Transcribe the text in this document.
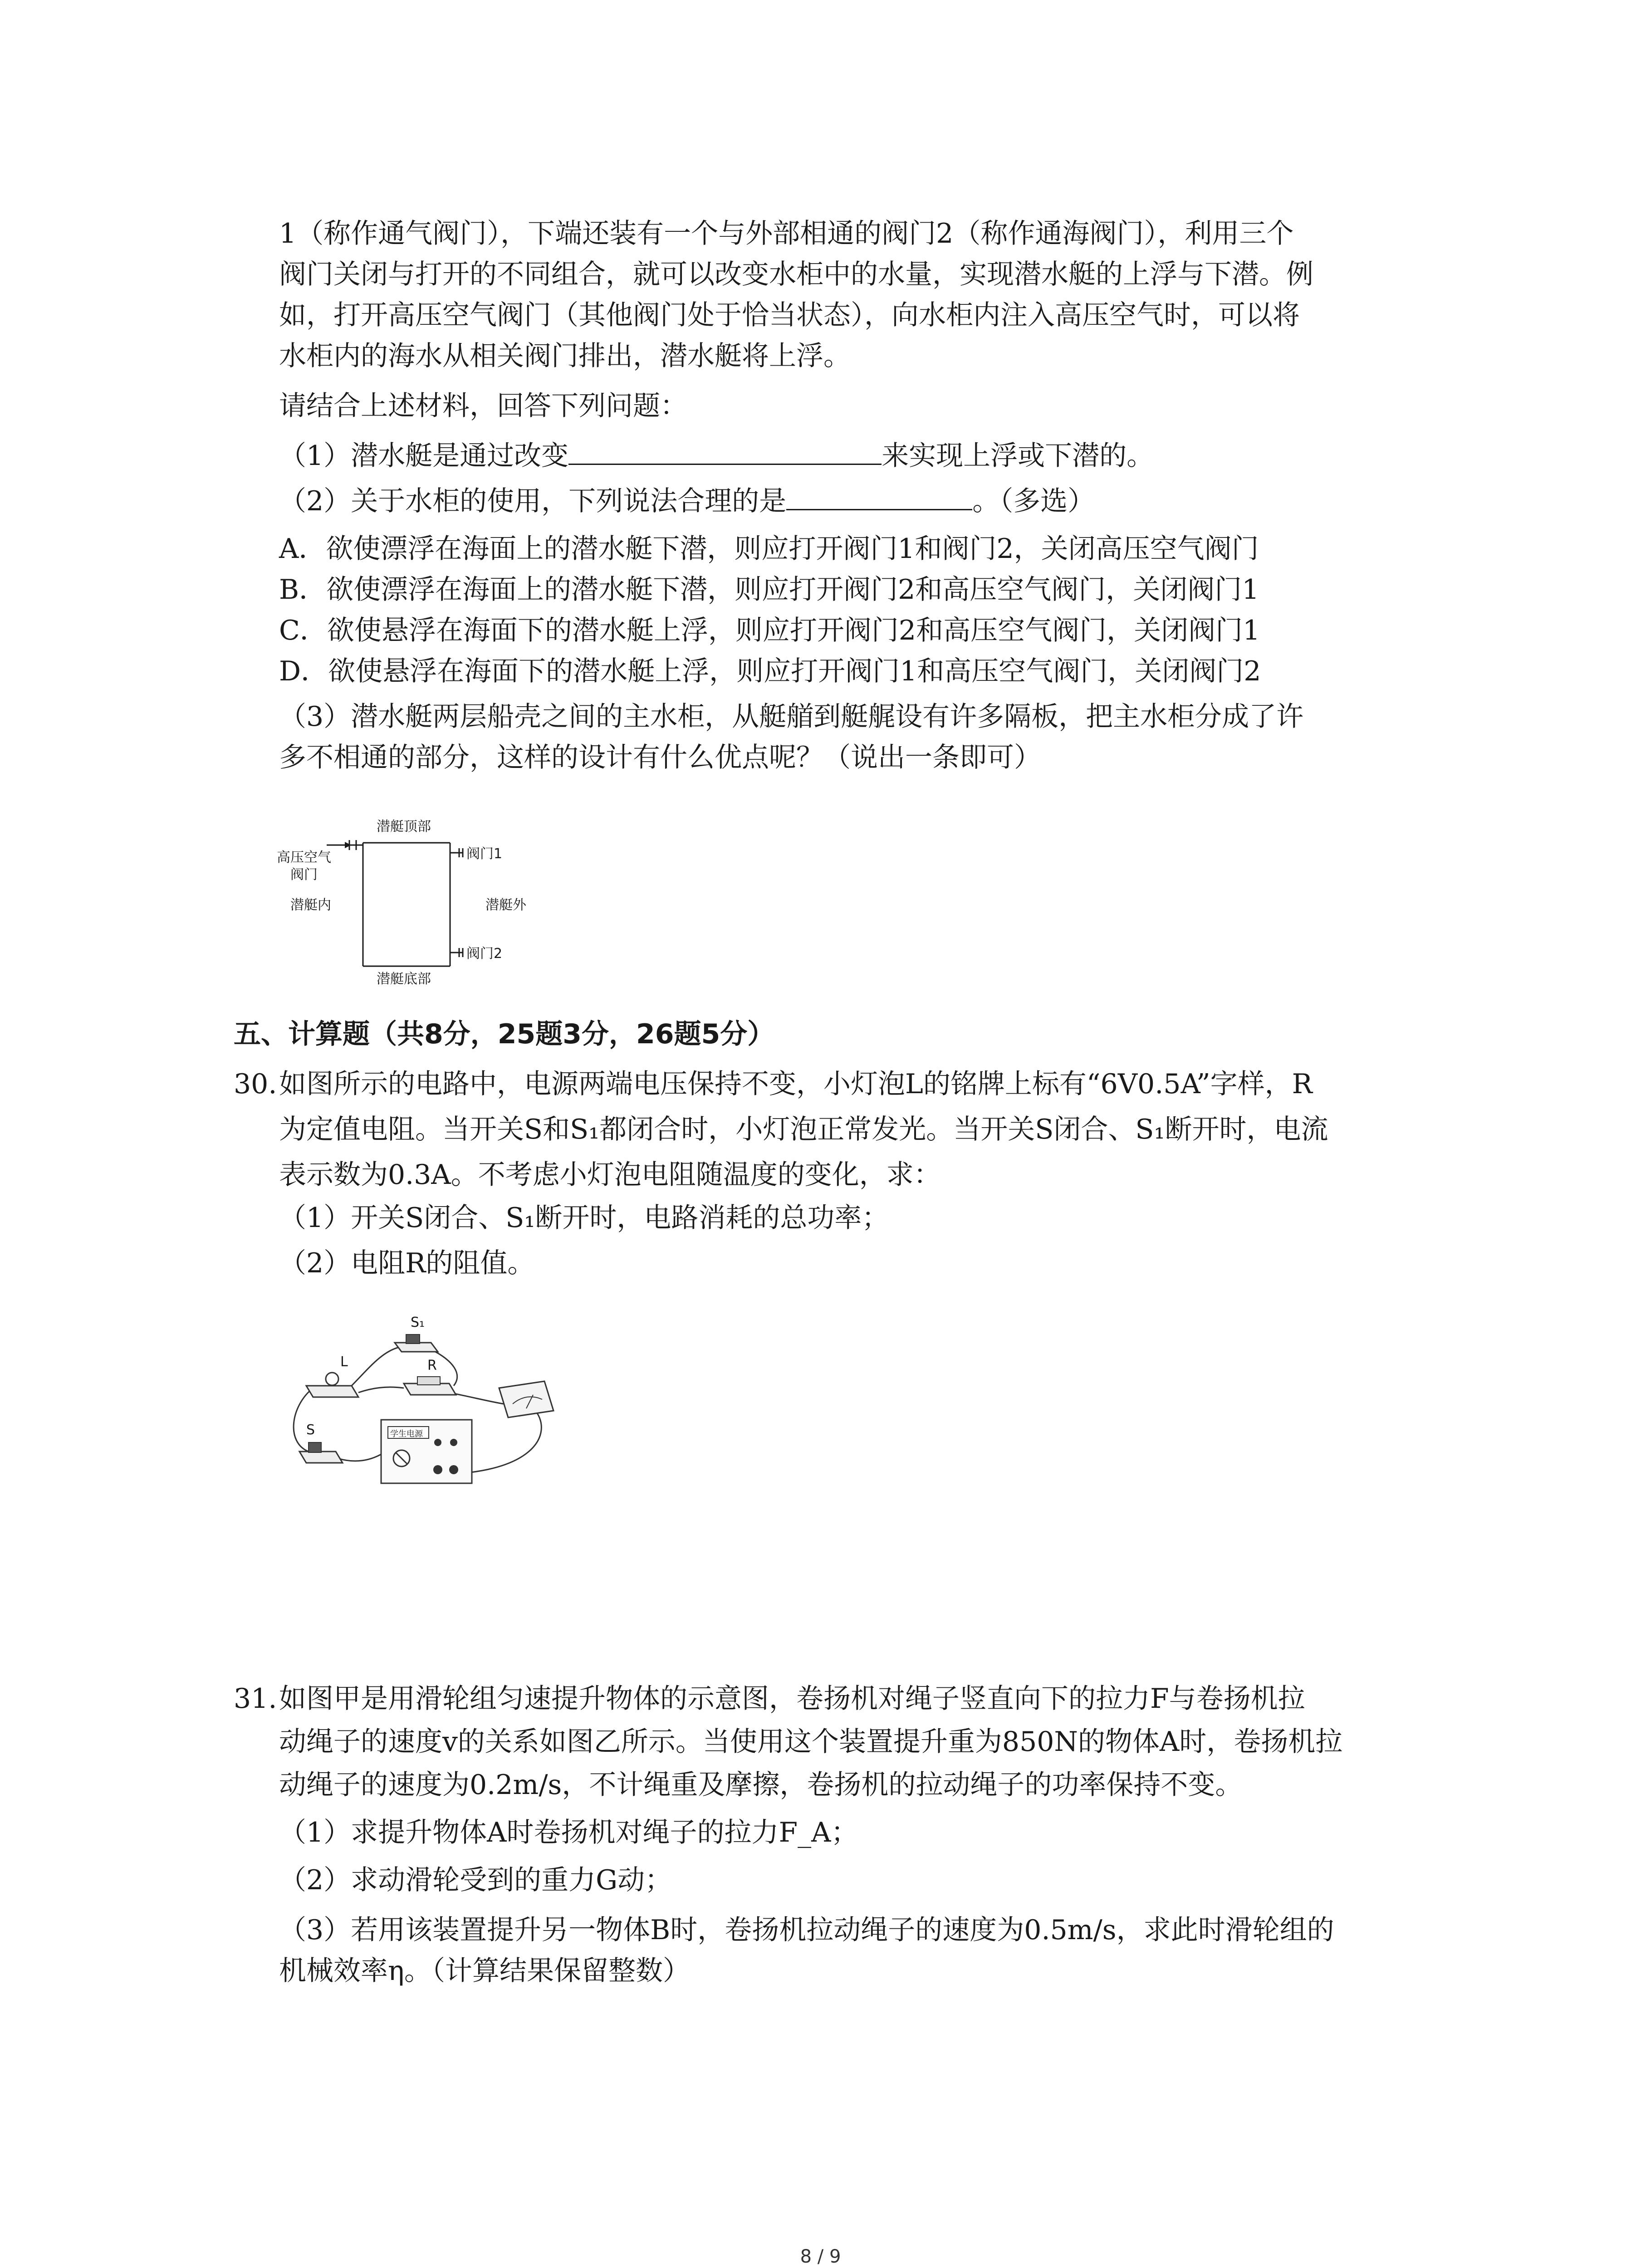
1（称作通气阀门），下端还装有一个与外部相通的阀门2（称作通海阀门），利用三个
阀门关闭与打开的不同组合，就可以改变水柜中的水量，实现潜水艇的上浮与下潜。例
如，打开高压空气阀门（其他阀门处于恰当状态），向水柜内注入高压空气时，可以将
水柜内的海水从相关阀门排出，潜水艇将上浮。
请结合上述材料，回答下列问题：
（1）潜水艇是通过改变	来实现上浮或下潜的。
（2）关于水柜的使用，下列说法合理的是	。（多选）
A．欲使漂浮在海面上的潜水艇下潜，则应打开阀门1和阀门2，关闭高压空气阀门
B．欲使漂浮在海面上的潜水艇下潜，则应打开阀门2和高压空气阀门，关闭阀门1
C．欲使悬浮在海面下的潜水艇上浮，则应打开阀门2和高压空气阀门，关闭阀门1
D．欲使悬浮在海面下的潜水艇上浮，则应打开阀门1和高压空气阀门，关闭阀门2
（3）潜水艇两层船壳之间的主水柜，从艇艏到艇艉设有许多隔板，把主水柜分成了许
多不相通的部分，这样的设计有什么优点呢？（说出一条即可）
潜艇顶部
高压空气
阀门
潜艇内
阀门1
潜艇外
阀门2
潜艇底部
五、计算题（共8分，25题3分，26题5分）
30. 如图所示的电路中，电源两端电压保持不变，小灯泡L的铭牌上标有“6V0.5A”字样，R
为定值电阻。当开关S和S₁都闭合时，小灯泡正常发光。当开关S闭合、S₁断开时，电流
表示数为0.3A。不考虑小灯泡电阻随温度的变化，求：
（1）开关S闭合、S₁断开时，电路消耗的总功率；
（2）电阻R的阻值。
S₁
L	R
S	学生电源
31. 如图甲是用滑轮组匀速提升物体的示意图，卷扬机对绳子竖直向下的拉力F与卷扬机拉
动绳子的速度v的关系如图乙所示。当使用这个装置提升重为850N的物体A时，卷扬机拉
动绳子的速度为0.2m/s，不计绳重及摩擦，卷扬机的拉动绳子的功率保持不变。
（1）求提升物体A时卷扬机对绳子的拉力F_A；
（2）求动滑轮受到的重力G动；
（3）若用该装置提升另一物体B时，卷扬机拉动绳子的速度为0.5m/s，求此时滑轮组的
机械效率η。（计算结果保留整数）
8 / 9
